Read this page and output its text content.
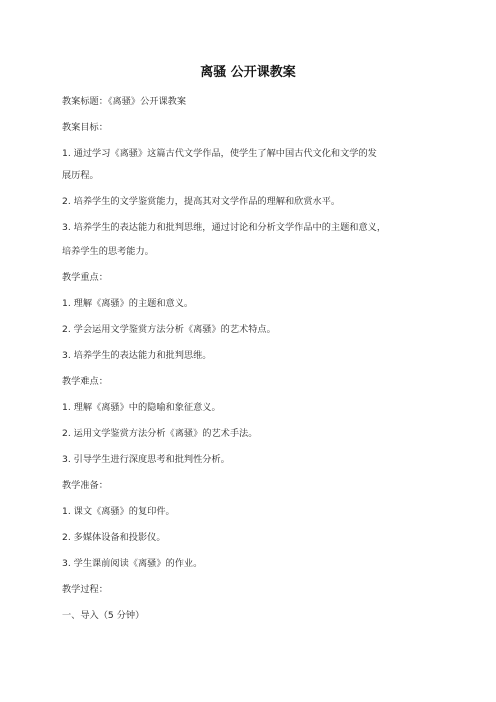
离骚 公开课教案
教案标题：《离骚》公开课教案
教案目标：
1. 通过学习《离骚》这篇古代文学作品，使学生了解中国古代文化和文学的发
展历程。
2. 培养学生的文学鉴赏能力，提高其对文学作品的理解和欣赏水平。
3. 培养学生的表达能力和批判思维，通过讨论和分析文学作品中的主题和意义，
培养学生的思考能力。
教学重点：
1. 理解《离骚》的主题和意义。
2. 学会运用文学鉴赏方法分析《离骚》的艺术特点。
3. 培养学生的表达能力和批判思维。
教学难点：
1. 理解《离骚》中的隐喻和象征意义。
2. 运用文学鉴赏方法分析《离骚》的艺术手法。
3. 引导学生进行深度思考和批判性分析。
教学准备：
1. 课文《离骚》的复印件。
2. 多媒体设备和投影仪。
3. 学生课前阅读《离骚》的作业。
教学过程：
一、导入（5 分钟）
